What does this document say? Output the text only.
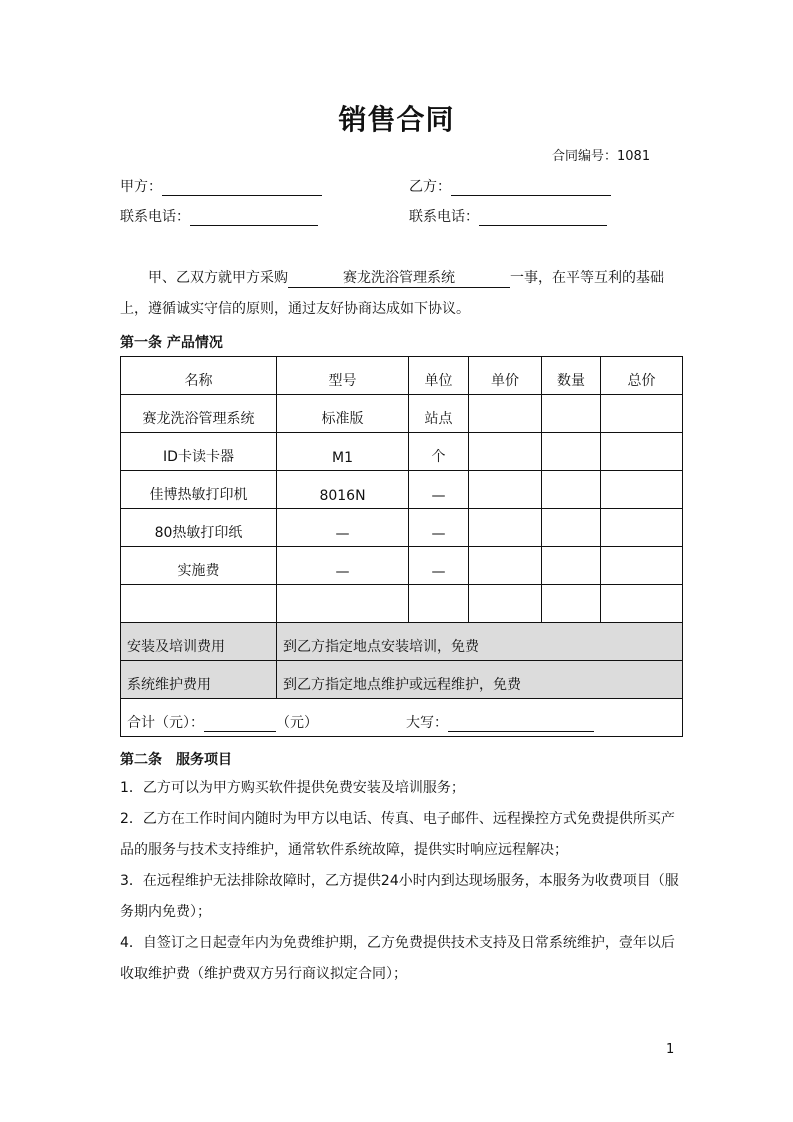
销售合同
合同编号：1081
甲方：	乙方：
联系电话：	联系电话：
甲、乙双方就甲方采购	赛龙洗浴管理系统	一事，在平等互利的基础上，遵循诚实守信的原则，通过友好协商达成如下协议。
第一条 产品情况
名称	型号	单位	单价	数量	总价
赛龙洗浴管理系统	标准版	站点			
ID卡读卡器	M1	个			
佳博热敏打印机	8016N	—			
80热敏打印纸	—	—			
实施费	—	—			

安装及培训费用	到乙方指定地点安装培训，免费				
系统维护费用	到乙方指定地点维护或远程维护，免费				
合计（元）： （元） 大写：					
第二条　服务项目
1．乙方可以为甲方购买软件提供免费安装及培训服务；
2．乙方在工作时间内随时为甲方以电话、传真、电子邮件、远程操控方式免费提供所买产品的服务与技术支持维护，通常软件系统故障，提供实时响应远程解决；
3．在远程维护无法排除故障时，乙方提供24小时内到达现场服务，本服务为收费项目（服务期内免费）；
4．自签订之日起壹年内为免费维护期，乙方免费提供技术支持及日常系统维护，壹年以后收取维护费（维护费双方另行商议拟定合同）；
1
